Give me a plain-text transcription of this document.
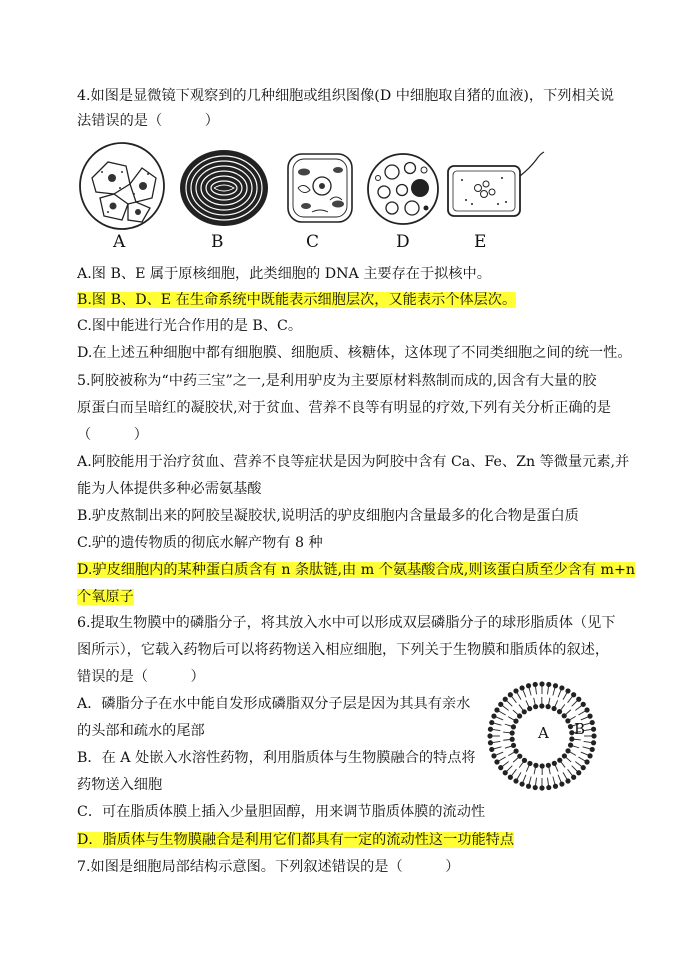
4.如图是显微镜下观察到的几种细胞或组织图像(D 中细胞取自猪的血液)，下列相关说
法错误的是（　　　）
A	B	C	D	E
A.图 B、E 属于原核细胞，此类细胞的 DNA 主要存在于拟核中。
B.图 B、D、E 在生命系统中既能表示细胞层次，又能表示个体层次。
C.图中能进行光合作用的是 B、C。
D.在上述五种细胞中都有细胞膜、细胞质、核糖体，这体现了不同类细胞之间的统一性。
5.阿胶被称为“中药三宝”之一,是利用驴皮为主要原材料熬制而成的,因含有大量的胶
原蛋白而呈暗红的凝胶状,对于贫血、营养不良等有明显的疗效,下列有关分析正确的是
（　　　）
A.阿胶能用于治疗贫血、营养不良等症状是因为阿胶中含有 Ca、Fe、Zn 等微量元素,并
能为人体提供多种必需氨基酸
B.驴皮熬制出来的阿胶呈凝胶状,说明活的驴皮细胞内含量最多的化合物是蛋白质
C.驴的遗传物质的彻底水解产物有 8 种
D.驴皮细胞内的某种蛋白质含有 n 条肽链,由 m 个氨基酸合成,则该蛋白质至少含有 m+n
个氧原子
6.提取生物膜中的磷脂分子，将其放入水中可以形成双层磷脂分子的球形脂质体（见下
图所示），它载入药物后可以将药物送入相应细胞，下列关于生物膜和脂质体的叙述，
错误的是（　　　）
A．磷脂分子在水中能自发形成磷脂双分子层是因为其具有亲水
的头部和疏水的尾部
B．在 A 处嵌入水溶性药物，利用脂质体与生物膜融合的特点将
药物送入细胞
C．可在脂质体膜上插入少量胆固醇，用来调节脂质体膜的流动性
D．脂质体与生物膜融合是利用它们都具有一定的流动性这一功能特点
A B
7.如图是细胞局部结构示意图。下列叙述错误的是（　　　）
